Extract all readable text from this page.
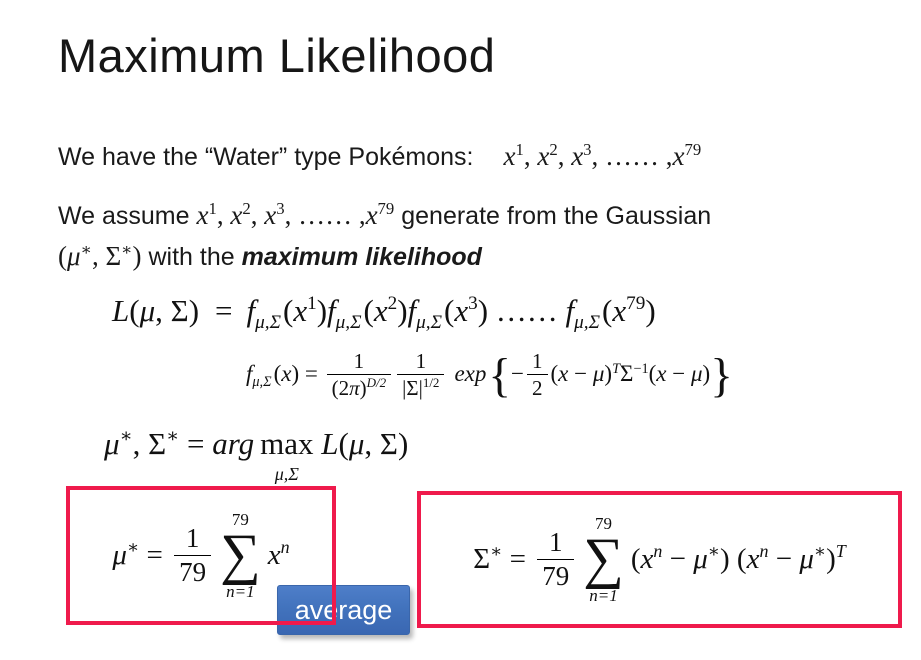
Maximum Likelihood
We have the “Water” type Pokémons: $x^1$, $x^2$, $x^3$, …… $,x^{79}$
We assume $x^1$, $x^2$, $x^3$, …… $,x^{79}$ generate from the Gaussian
(μ∗, Σ∗) with the maximum likelihood
L(μ, $\Sigma) = f_{\mu,\Sigma}(x^1)f_{\mu,\Sigma}(x^2)f_{\mu,\Sigma}(x^3)$ …… $f_{\mu,\Sigma}(x^{79})$
$f_{\mu,\Sigma}(x) = \frac{1}{(2\pi)^{D/2}} \frac{1}{|\Sigma|^{1/2}}$ exp { − $\frac{1}{2} (x - \mu)^T\Sigma^{-1}(x - \mu)$ }
μ∗, Σ∗ = arg max
μ,Σ
L(μ, Σ)
$\mu^∗ = \frac{1}{79}$
79
∑
n=1
$x^n$	$\Sigma^∗ = \frac{1}{79}$
79
∑
n=1
$(x^n - \mu^∗) (x^n - \mu^∗)^T$
average
